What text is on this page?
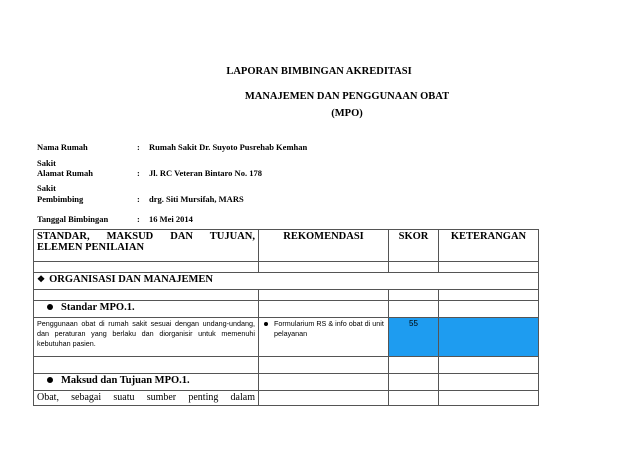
LAPORAN BIMBINGAN AKREDITASI
MANAJEMEN DAN PENGGUNAAN OBAT
(MPO)
Nama Rumah	: Rumah Sakit Dr. Suyoto Pusrehab Kemhan
Sakit
Alamat Rumah	: Jl. RC Veteran Bintaro No. 178
Sakit
Pembimbing	: drg. Siti Mursifah, MARS
Tanggal Bimbingan	: 16 Mei 2014
STANDAR, MAKSUD DAN TUJUAN, ELEMEN PENILAIAN	REKOMENDASI	SKOR	KETERANGAN

❖ ORGANISASI DAN MANAJEMEN			

Standar MPO.1.			
Penggunaan obat di rumah sakit sesuai dengan undang-undang, dan peraturan yang berlaku dan diorganisir untuk memenuhi kebutuhan pasien.	Formularium RS & info obat di unit pelayanan	55	

Maksud dan Tujuan MPO.1.			
Obat, sebagai suatu sumber penting dalam			
